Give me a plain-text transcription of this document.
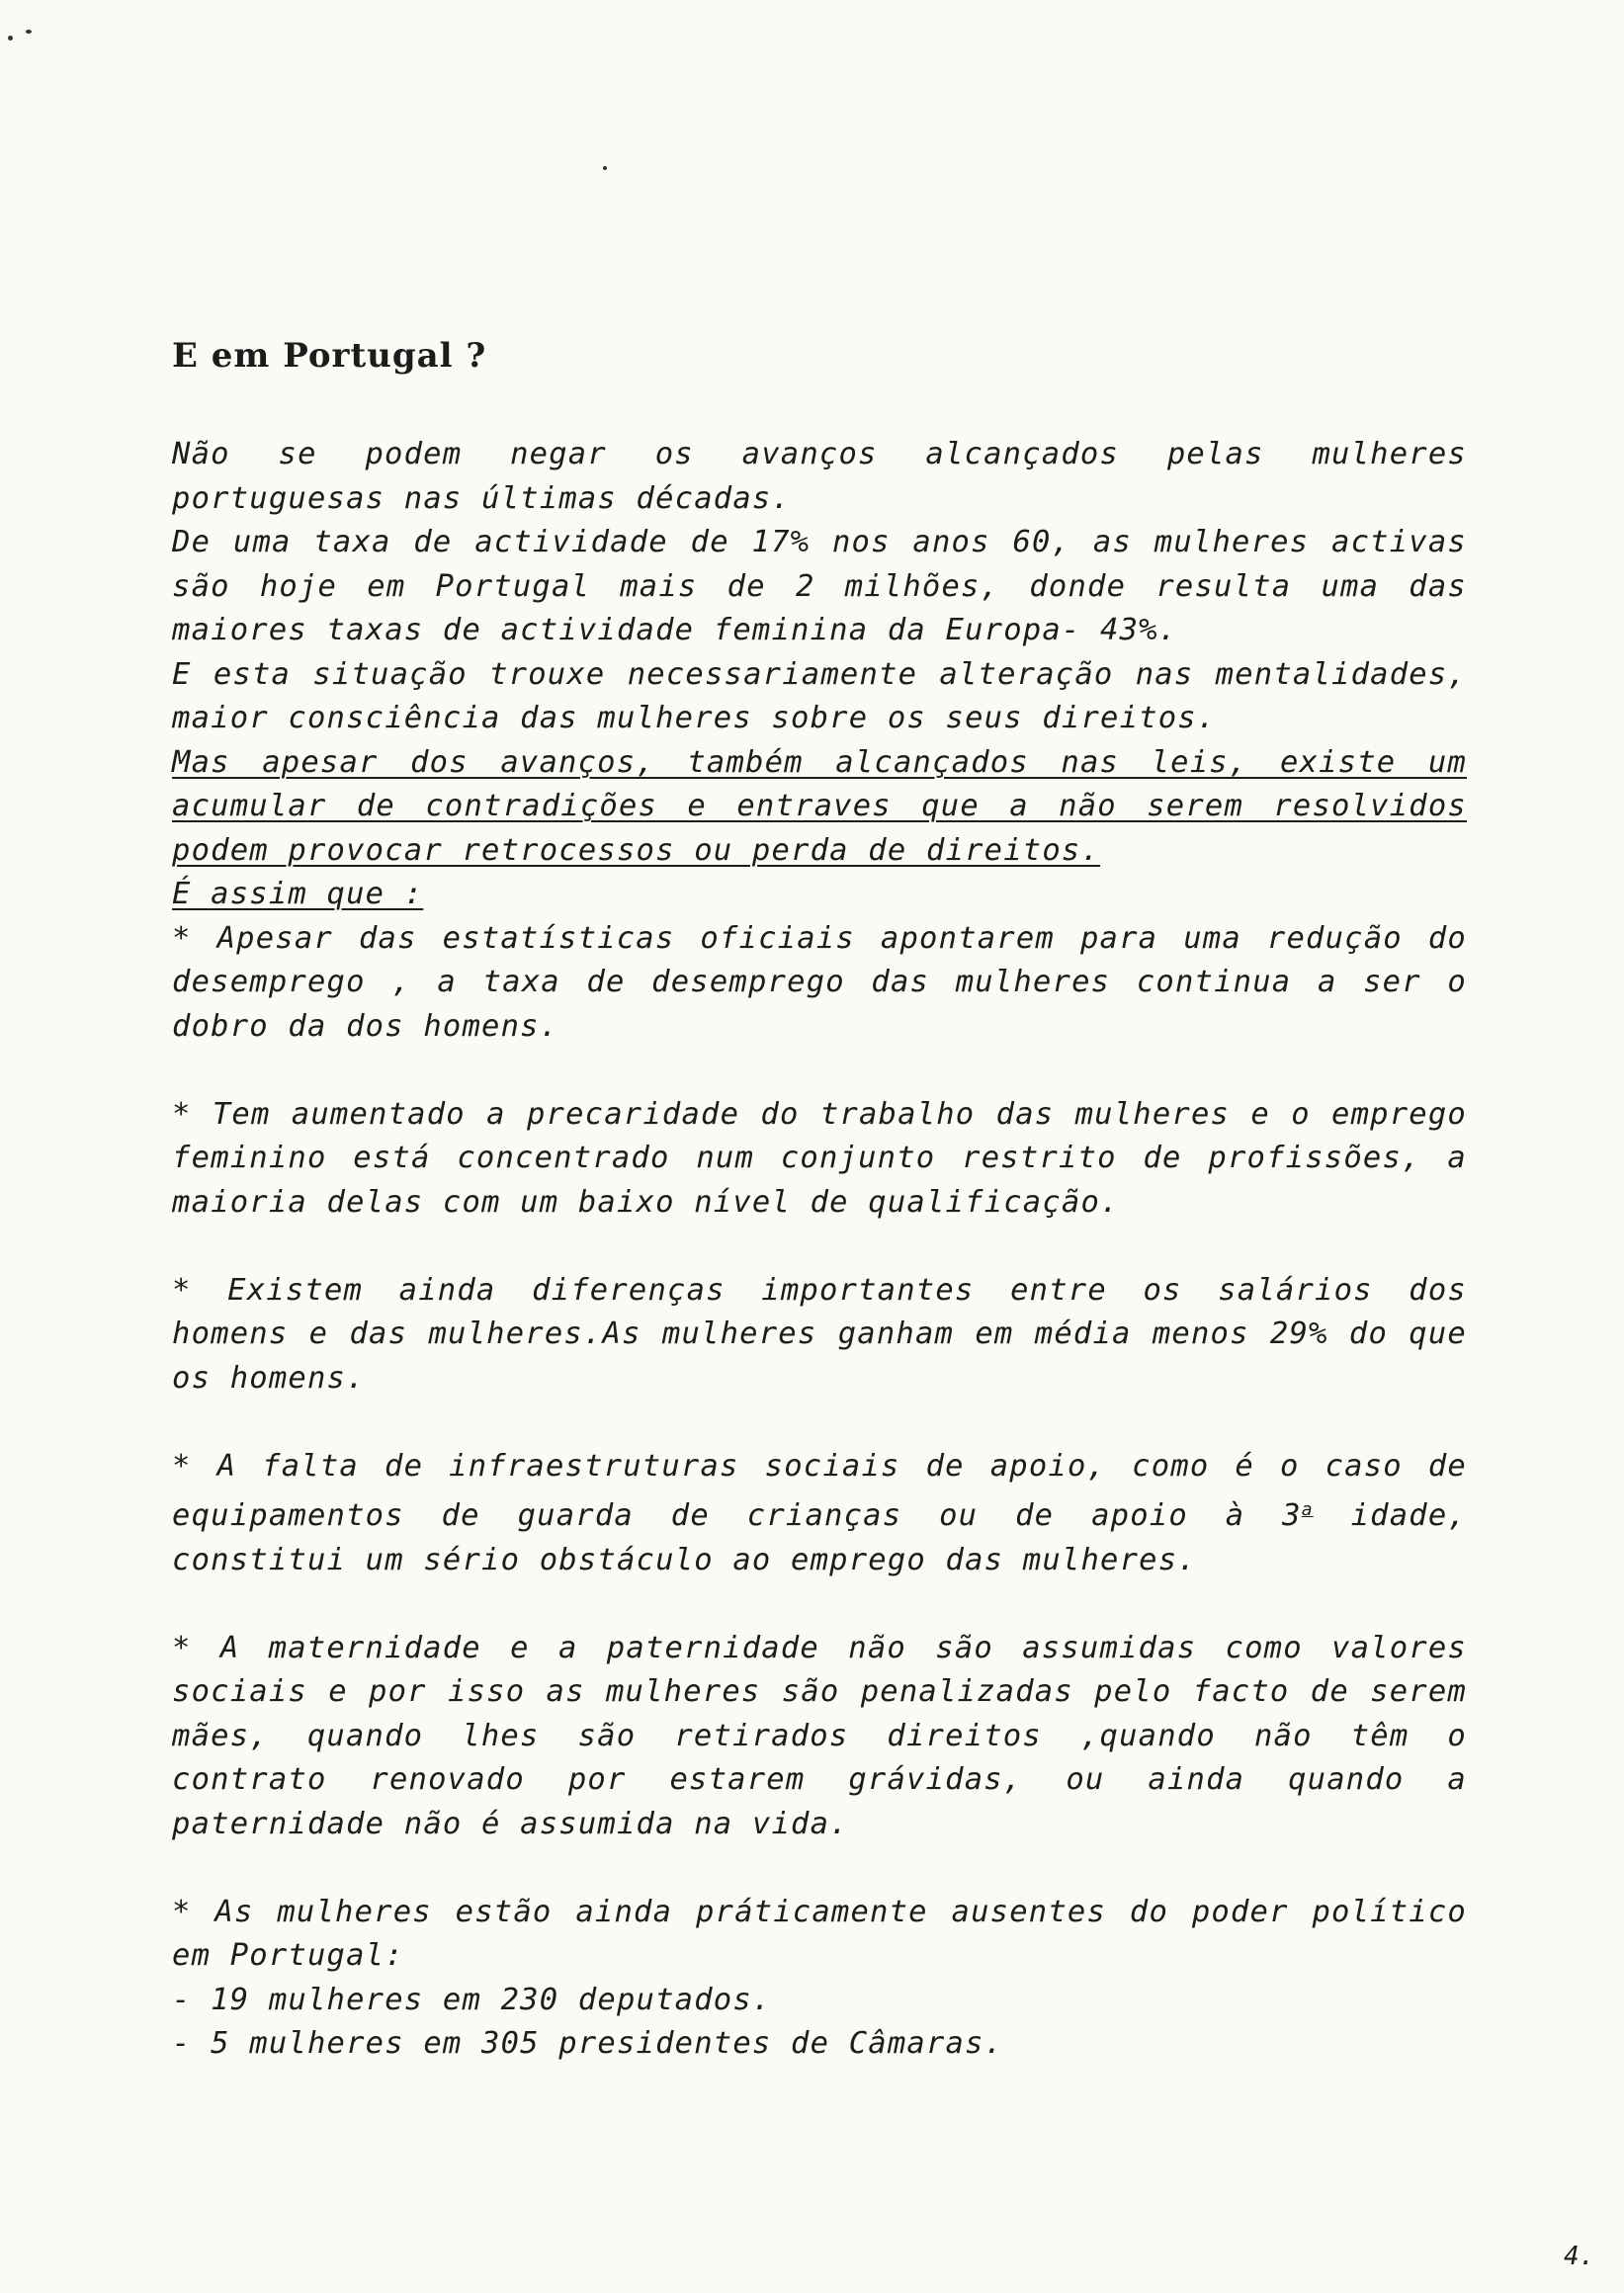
E em Portugal ?

Não se podem negar os avanços alcançados pelas mulheres portuguesas nas últimas décadas.

De uma taxa de actividade de 17% nos anos 60, as mulheres activas são hoje em Portugal mais de 2 milhões, donde resulta uma das maiores taxas de actividade feminina da Europa- 43%.

E esta situação trouxe necessariamente alteração nas mentalidades, maior consciência das mulheres sobre os seus direitos.

Mas apesar dos avanços, também alcançados nas leis, existe um acumular de contradições e entraves que a não serem resolvidos podem provocar retrocessos ou perda de direitos.

É assim que :

* Apesar das estatísticas oficiais apontarem para uma redução do desemprego , a taxa de desemprego das mulheres continua a ser o dobro da dos homens.

* Tem aumentado a precaridade do trabalho das mulheres e o emprego feminino está concentrado num conjunto restrito de profissões, a maioria delas com um baixo nível de qualificação.

* Existem ainda diferenças importantes entre os salários dos homens e das mulheres.As mulheres ganham em média menos 29% do que os homens.

* A falta de infraestruturas sociais de apoio, como é o caso de equipamentos de guarda de crianças ou de apoio à 3$^a$ idade, constitui um sério obstáculo ao emprego das mulheres.

* A maternidade e a paternidade não são assumidas como valores sociais e por isso as mulheres são penalizadas pelo facto de serem mães, quando lhes são retirados direitos ,quando não têm o contrato renovado por estarem grávidas, ou ainda quando a paternidade não é assumida na vida.

* As mulheres estão ainda práticamente ausentes do poder político em Portugal:

- 19 mulheres em 230 deputados.

- 5 mulheres em 305 presidentes de Câmaras.

4.
